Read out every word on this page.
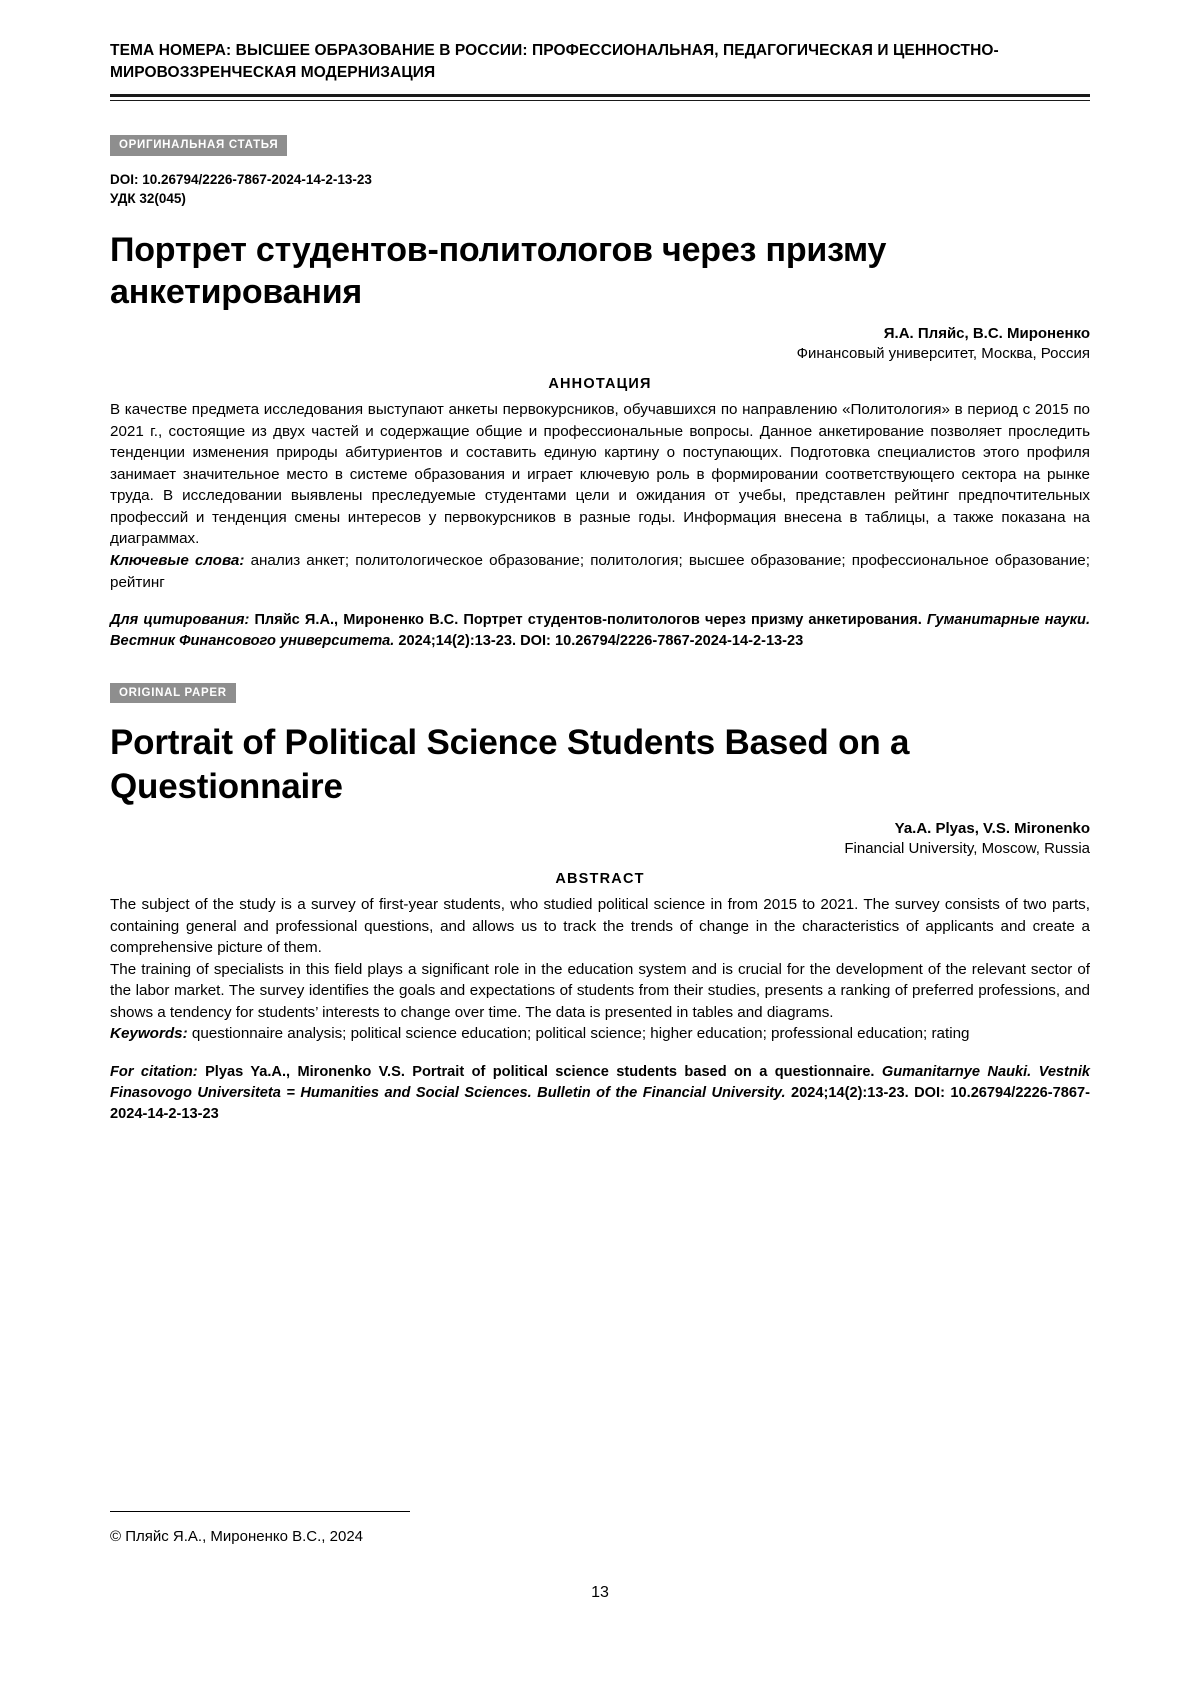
ТЕМА НОМЕРА: ВЫСШЕЕ ОБРАЗОВАНИЕ В РОССИИ: ПРОФЕССИОНАЛЬНАЯ, ПЕДАГОГИЧЕСКАЯ И ЦЕННОСТНО-МИРОВОЗЗРЕНЧЕСКАЯ МОДЕРНИЗАЦИЯ
ОРИГИНАЛЬНАЯ СТАТЬЯ
DOI: 10.26794/2226-7867-2024-14-2-13-23
УДК 32(045)
Портрет студентов-политологов через призму анкетирования
Я.А. Пляйс, В.С. Мироненко
Финансовый университет, Москва, Россия
АННОТАЦИЯ

В качестве предмета исследования выступают анкеты первокурсников, обучавшихся по направлению «Политология» в период с 2015 по 2021 г., состоящие из двух частей и содержащие общие и профессиональные вопросы. Данное анкетирование позволяет проследить тенденции изменения природы абитуриентов и составить единую картину о поступающих. Подготовка специалистов этого профиля занимает значительное место в системе образования и играет ключевую роль в формировании соответствующего сектора на рынке труда. В исследовании выявлены преследуемые студентами цели и ожидания от учебы, представлен рейтинг предпочтительных профессий и тенденция смены интересов у первокурсников в разные годы. Информация внесена в таблицы, а также показана на диаграммах.

Ключевые слова: анализ анкет; политологическое образование; политология; высшее образование; профессиональное образование; рейтинг
Для цитирования: Пляйс Я.А., Мироненко В.С. Портрет студентов-политологов через призму анкетирования. Гуманитарные науки. Вестник Финансового университета. 2024;14(2):13-23. DOI: 10.26794/2226-7867-2024-14-2-13-23
ORIGINAL PAPER
Portrait of Political Science Students Based on a Questionnaire
Ya.A. Plyas, V.S. Mironenko
Financial University, Moscow, Russia
ABSTRACT

The subject of the study is a survey of first-year students, who studied political science in from 2015 to 2021. The survey consists of two parts, containing general and professional questions, and allows us to track the trends of change in the characteristics of applicants and create a comprehensive picture of them.

The training of specialists in this field plays a significant role in the education system and is crucial for the development of the relevant sector of the labor market. The survey identifies the goals and expectations of students from their studies, presents a ranking of preferred professions, and shows a tendency for students’ interests to change over time. The data is presented in tables and diagrams.

Keywords: questionnaire analysis; political science education; political science; higher education; professional education; rating
For citation: Plyas Ya.A., Mironenko V.S. Portrait of political science students based on a questionnaire. Gumanitarnye Nauki. Vestnik Finasovogo Universiteta = Humanities and Social Sciences. Bulletin of the Financial University. 2024;14(2):13-23. DOI: 10.26794/2226-7867-2024-14-2-13-23
© Пляйс Я.А., Мироненко В.С., 2024
13
